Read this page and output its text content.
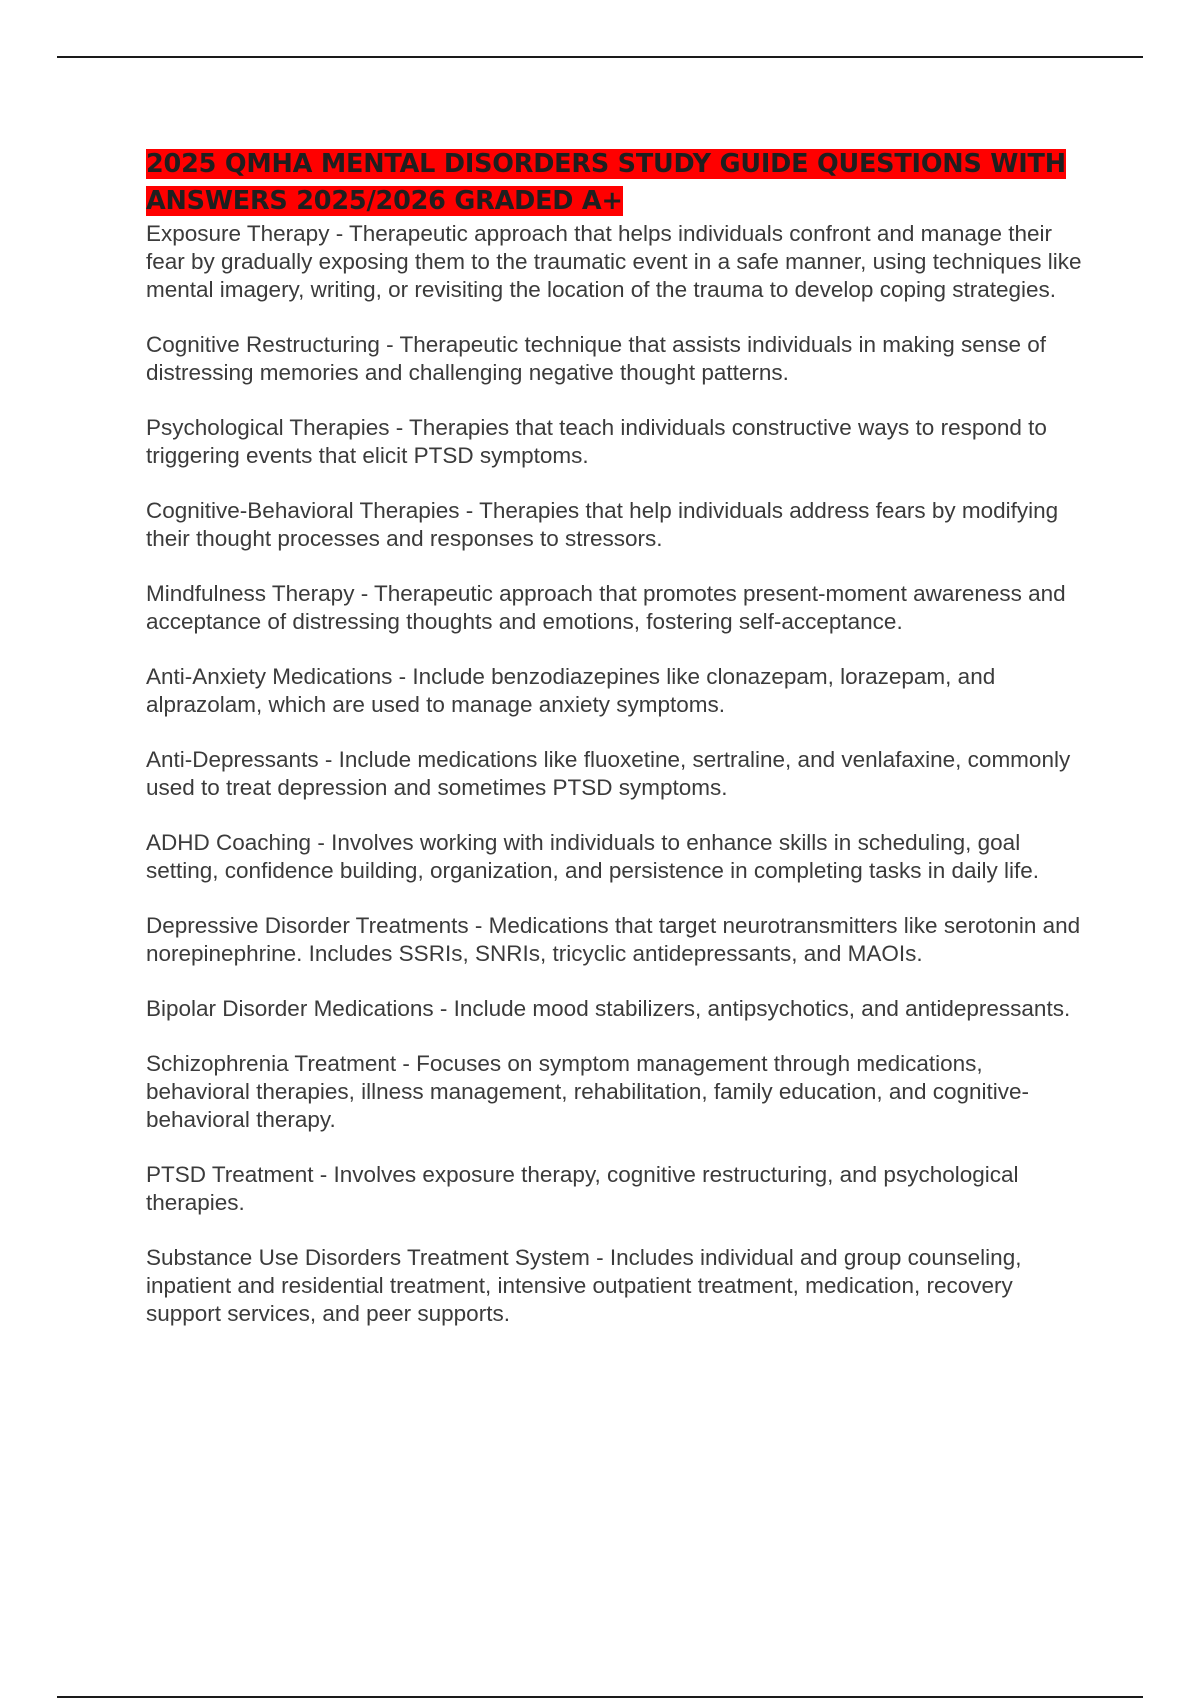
2025 QMHA MENTAL DISORDERS STUDY GUIDE QUESTIONS WITH ANSWERS 2025/2026 GRADED A+
Exposure Therapy - Therapeutic approach that helps individuals confront and manage their fear by gradually exposing them to the traumatic event in a safe manner, using techniques like mental imagery, writing, or revisiting the location of the trauma to develop coping strategies.
Cognitive Restructuring - Therapeutic technique that assists individuals in making sense of distressing memories and challenging negative thought patterns.
Psychological Therapies - Therapies that teach individuals constructive ways to respond to triggering events that elicit PTSD symptoms.
Cognitive-Behavioral Therapies - Therapies that help individuals address fears by modifying their thought processes and responses to stressors.
Mindfulness Therapy - Therapeutic approach that promotes present-moment awareness and acceptance of distressing thoughts and emotions, fostering self-acceptance.
Anti-Anxiety Medications - Include benzodiazepines like clonazepam, lorazepam, and alprazolam, which are used to manage anxiety symptoms.
Anti-Depressants - Include medications like fluoxetine, sertraline, and venlafaxine, commonly used to treat depression and sometimes PTSD symptoms.
ADHD Coaching - Involves working with individuals to enhance skills in scheduling, goal setting, confidence building, organization, and persistence in completing tasks in daily life.
Depressive Disorder Treatments - Medications that target neurotransmitters like serotonin and norepinephrine. Includes SSRIs, SNRIs, tricyclic antidepressants, and MAOIs.
Bipolar Disorder Medications - Include mood stabilizers, antipsychotics, and antidepressants.
Schizophrenia Treatment - Focuses on symptom management through medications, behavioral therapies, illness management, rehabilitation, family education, and cognitive-behavioral therapy.
PTSD Treatment - Involves exposure therapy, cognitive restructuring, and psychological therapies.
Substance Use Disorders Treatment System - Includes individual and group counseling, inpatient and residential treatment, intensive outpatient treatment, medication, recovery support services, and peer supports.
